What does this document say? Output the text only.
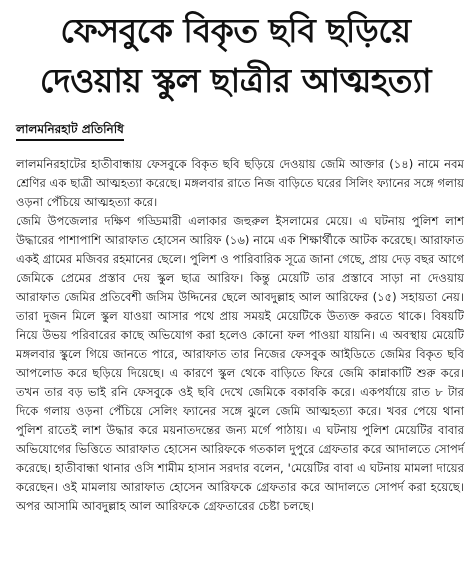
ফেসবুকে বিকৃত ছবি ছড়িয়ে
দেওয়ায় স্কুল ছাত্রীর আত্মহত্যা
লালমনিরহাট প্রতিনিধি

লালমনিরহাটের হাতীবান্ধায় ফেসবুকে বিকৃত ছবি ছড়িয়ে দেওয়ায় জেমি আক্তার (১৪) নামে নবম শ্রেণির এক ছাত্রী আত্মহত্যা করেছে। মঙ্গলবার রাতে নিজ বাড়িতে ঘরের সিলিং ফ্যানের সঙ্গে গলায় ওড়না পেঁচিয়ে আত্মহত্যা করে।

জেমি উপজেলার দক্ষিণ গড্ডিমারী এলাকার জহুরুল ইসলামের মেয়ে। এ ঘটনায় পুলিশ লাশ উদ্ধারের পাশাপাশি আরাফাত হোসেন আরিফ (১৬) নামে এক শিক্ষার্থীকে আটক করেছে। আরাফাত একই গ্রামের মজিবর রহমানের ছেলে। পুলিশ ও পারিবারিক সূত্রে জানা গেছে, প্রায় দেড় বছর আগে জেমিকে প্রেমের প্রস্তাব দেয় স্কুল ছাত্র আরিফ। কিন্তু মেয়েটি তার প্রস্তাবে সাড়া না দেওয়ায় আরাফাত জেমির প্রতিবেশী জসিম উদ্দিনের ছেলে আবদুল্লাহ আল আরিফের (১৫) সহায়তা নেয়। তারা দুজন মিলে স্কুল যাওয়া আসার পথে প্রায় সময়ই মেয়েটিকে উত্যক্ত করতে থাকে। বিষয়টি নিয়ে উভয় পরিবারের কাছে অভিযোগ করা হলেও কোনো ফল পাওয়া যায়নি। এ অবস্থায় মেয়েটি মঙ্গলবার স্কুলে গিয়ে জানতে পারে, আরাফাত তার নিজের ফেসবুক আইডিতে জেমির বিকৃত ছবি আপলোড করে ছড়িয়ে দিয়েছে। এ কারণে স্কুল থেকে বাড়িতে ফিরে জেমি কান্নাকাটি শুরু করে। তখন তার বড় ভাই রনি ফেসবুকে ওই ছবি দেখে জেমিকে বকাবকি করে। একপর্যায়ে রাত ৮ টার দিকে গলায় ওড়না পেঁচিয়ে সেলিং ফ্যানের সঙ্গে ঝুলে জেমি আত্মহত্যা করে। খবর পেয়ে থানা পুলিশ রাতেই লাশ উদ্ধার করে ময়নাতদন্তের জন্য মর্গে পাঠায়। এ ঘটনায় পুলিশ মেয়েটির বাবার অভিযোগের ভিত্তিতে আরাফাত হোসেন আরিফকে গতকাল দুপুরে গ্রেফতার করে আদালতে সোপর্দ করেছে। হাতীবান্ধা থানার ওসি শামীম হাসান সরদার বলেন, 'মেয়েটির বাবা এ ঘটনায় মামলা দায়ের করেছেন। ওই মামলায় আরাফাত হোসেন আরিফকে গ্রেফতার করে আদালতে সোপর্দ করা হয়েছে। অপর আসামি আবদুল্লাহ আল আরিফকে গ্রেফতারের চেষ্টা চলছে।
